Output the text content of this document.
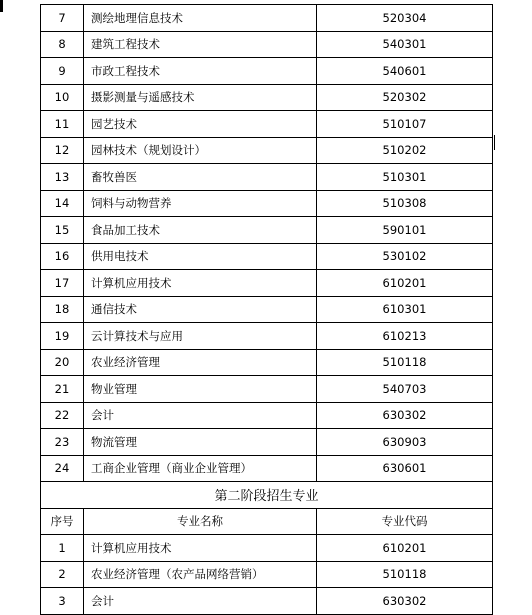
7	测绘地理信息技术	520304
8	建筑工程技术	540301
9	市政工程技术	540601
10	摄影测量与遥感技术	520302
11	园艺技术	510107
12	园林技术（规划设计）	510202
13	畜牧兽医	510301
14	饲料与动物营养	510308
15	食品加工技术	590101
16	供用电技术	530102
17	计算机应用技术	610201
18	通信技术	610301
19	云计算技术与应用	610213
20	农业经济管理	510118
21	物业管理	540703
22	会计	630302
23	物流管理	630903
24	工商企业管理（商业企业管理）	630601
第二阶段招生专业		
序号	专业名称	专业代码
1	计算机应用技术	610201
2	农业经济管理（农产品网络营销）	510118
3	会计	630302
